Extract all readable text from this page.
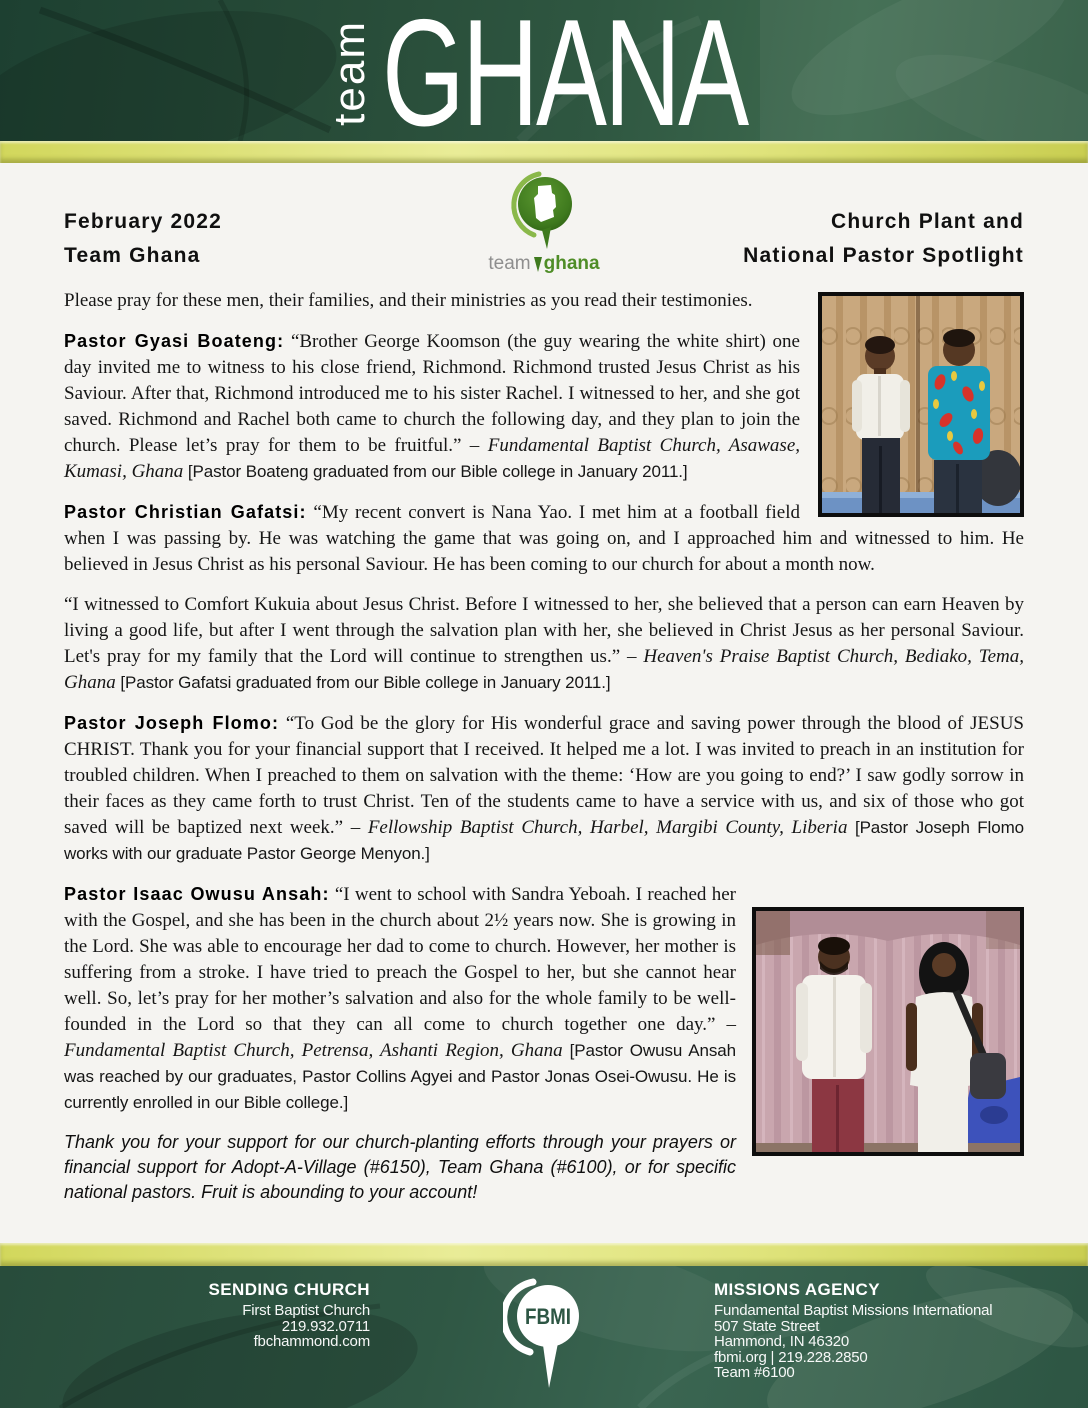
team GHANA
February 2022
Team Ghana	team ghana
Church Plant and
National Pastor Spotlight

Please pray for these men, their families, and their ministries as you read their testimonies.

Pastor Gyasi Boateng: “Brother George Koomson (the guy wearing the white shirt) one day invited me to witness to his close friend, Richmond. Richmond trusted Jesus Christ as his Saviour. After that, Richmond introduced me to his sister Rachel. I witnessed to her, and she got saved. Richmond and Rachel both came to church the following day, and they plan to join the church. Please let’s pray for them to be fruitful.” – Fundamental Baptist Church, Asawase, Kumasi, Ghana [Pastor Boateng graduated from our Bible college in January 2011.]

Pastor Christian Gafatsi: “My recent convert is Nana Yao. I met him at a football field when I was passing by. He was watching the game that was going on, and I approached him and witnessed to him. He believed in Jesus Christ as his personal Saviour. He has been coming to our church for about a month now.

“I witnessed to Comfort Kukuia about Jesus Christ. Before I witnessed to her, she believed that a person can earn Heaven by living a good life, but after I went through the salvation plan with her, she believed in Christ Jesus as her personal Saviour. Let's pray for my family that the Lord will continue to strengthen us.” – Heaven's Praise Baptist Church, Bediako, Tema, Ghana [Pastor Gafatsi graduated from our Bible college in January 2011.]

Pastor Joseph Flomo: “To God be the glory for His wonderful grace and saving power through the blood of JESUS CHRIST. Thank you for your financial support that I received. It helped me a lot. I was invited to preach in an institution for troubled children. When I preached to them on salvation with the theme: ‘How are you going to end?’ I saw godly sorrow in their faces as they came forth to trust Christ. Ten of the students came to have a service with us, and six of those who got saved will be baptized next week.” – Fellowship Baptist Church, Harbel, Margibi County, Liberia [Pastor Joseph Flomo works with our graduate Pastor George Menyon.]

Pastor Isaac Owusu Ansah: “I went to school with Sandra Yeboah. I reached her with the Gospel, and she has been in the church about 2½ years now. She is growing in the Lord. She was able to encourage her dad to come to church. However, her mother is suffering from a stroke. I have tried to preach the Gospel to her, but she cannot hear well. So, let’s pray for her mother’s salvation and also for the whole family to be well-founded in the Lord so that they can all come to church together one day.” – Fundamental Baptist Church, Petrensa, Ashanti Region, Ghana [Pastor Owusu Ansah was reached by our graduates, Pastor Collins Agyei and Pastor Jonas Osei-Owusu. He is currently enrolled in our Bible college.]

Thank you for your support for our church-planting efforts through your prayers or financial support for Adopt-A-Village (#6150), Team Ghana (#6100), or for specific national pastors. Fruit is abounding to your account!

SENDING CHURCH
First Baptist Church
219.932.0711
fbchammond.com
FBMI
MISSIONS AGENCY
Fundamental Baptist Missions International
507 State Street
Hammond, IN 46320
fbmi.org | 219.228.2850
Team #6100
